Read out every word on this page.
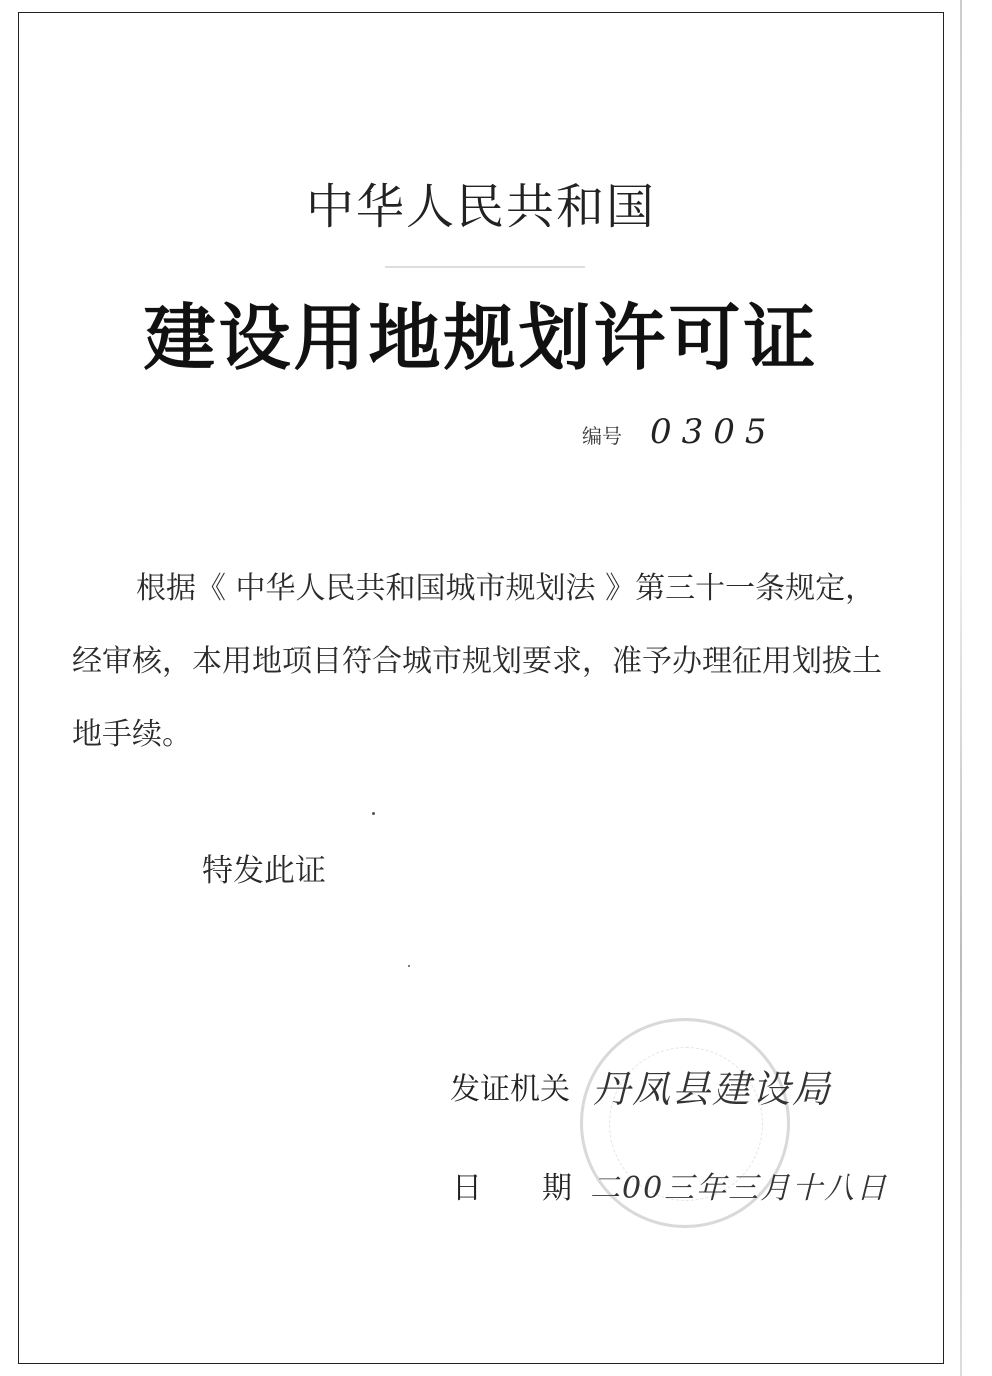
中华人民共和国
建设用地规划许可证
编号 0305
根据《 中华人民共和国城市规划法 》第三十一条规定，经审核，本用地项目符合城市规划要求，准予办理征用划拔土地手续。
特发此证
发证机关 丹凤县建设局
日期
二00三年三月十八日
